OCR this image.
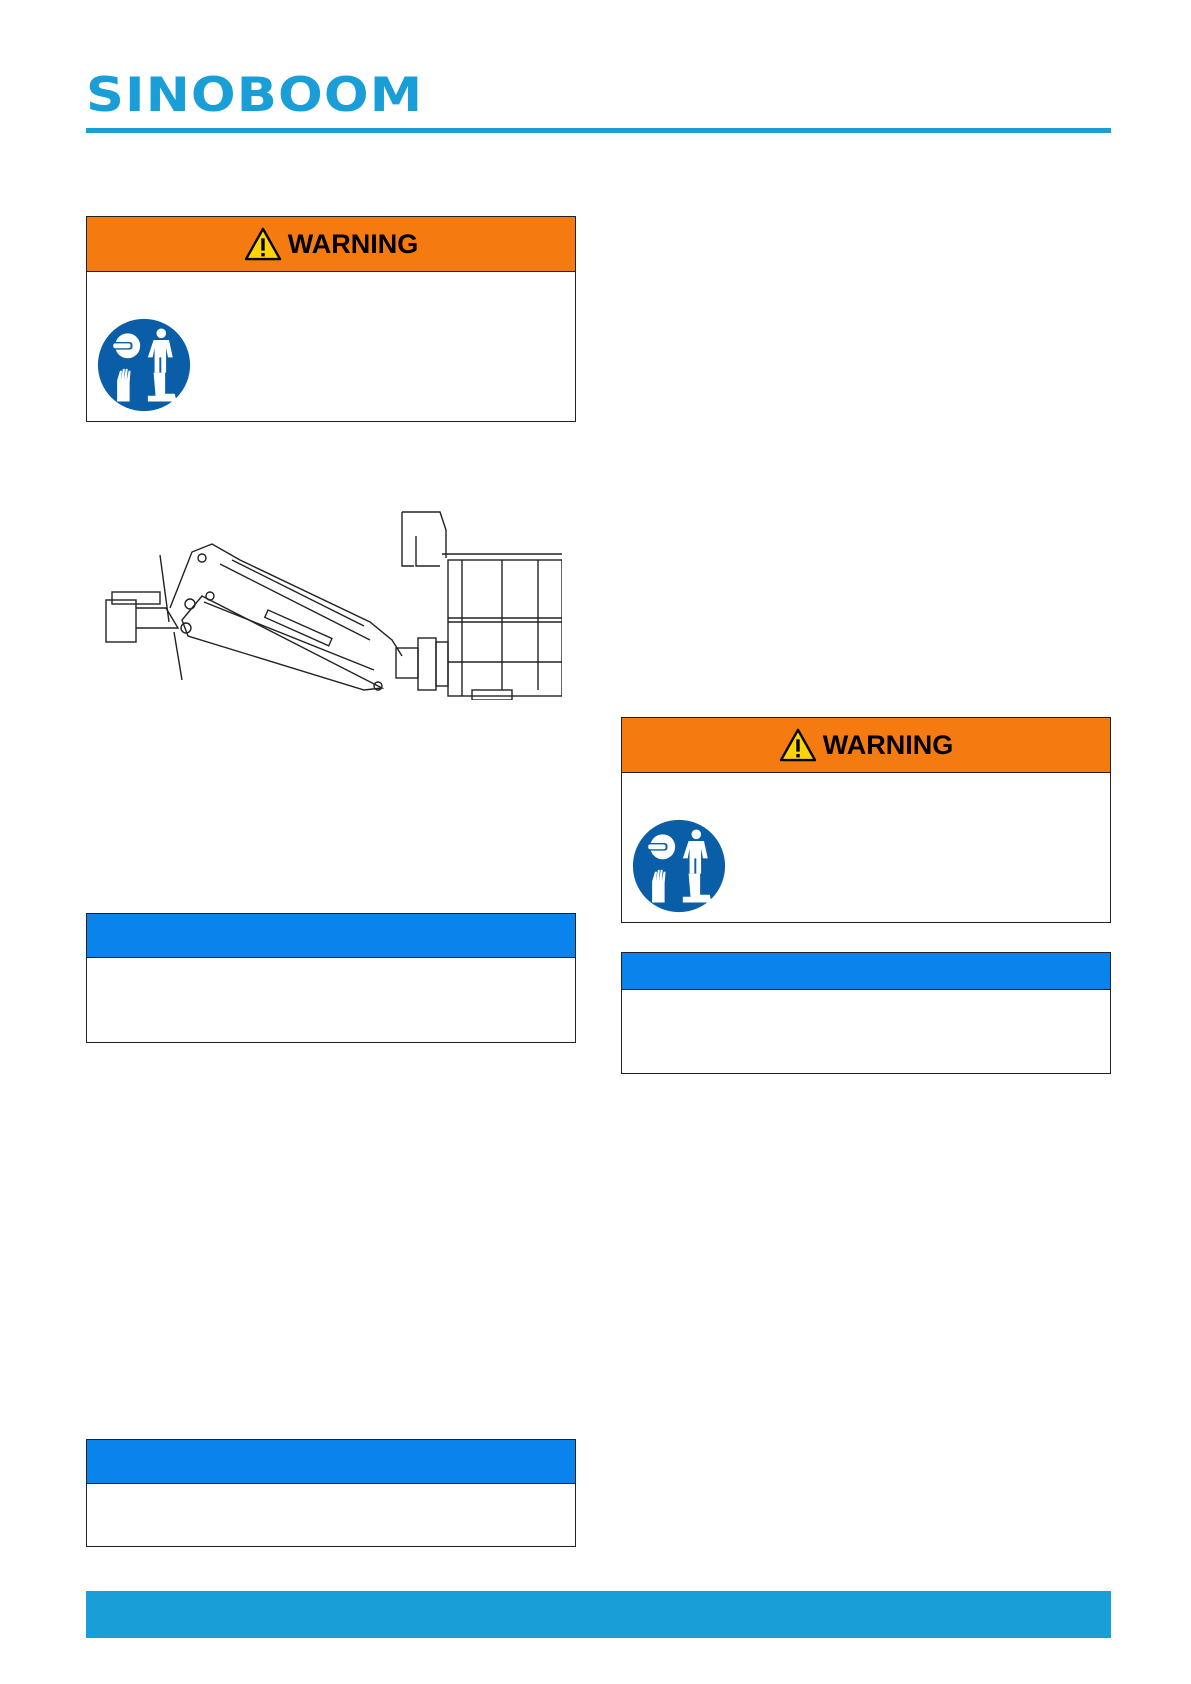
SINOBOOM
WARNING
WARNING
